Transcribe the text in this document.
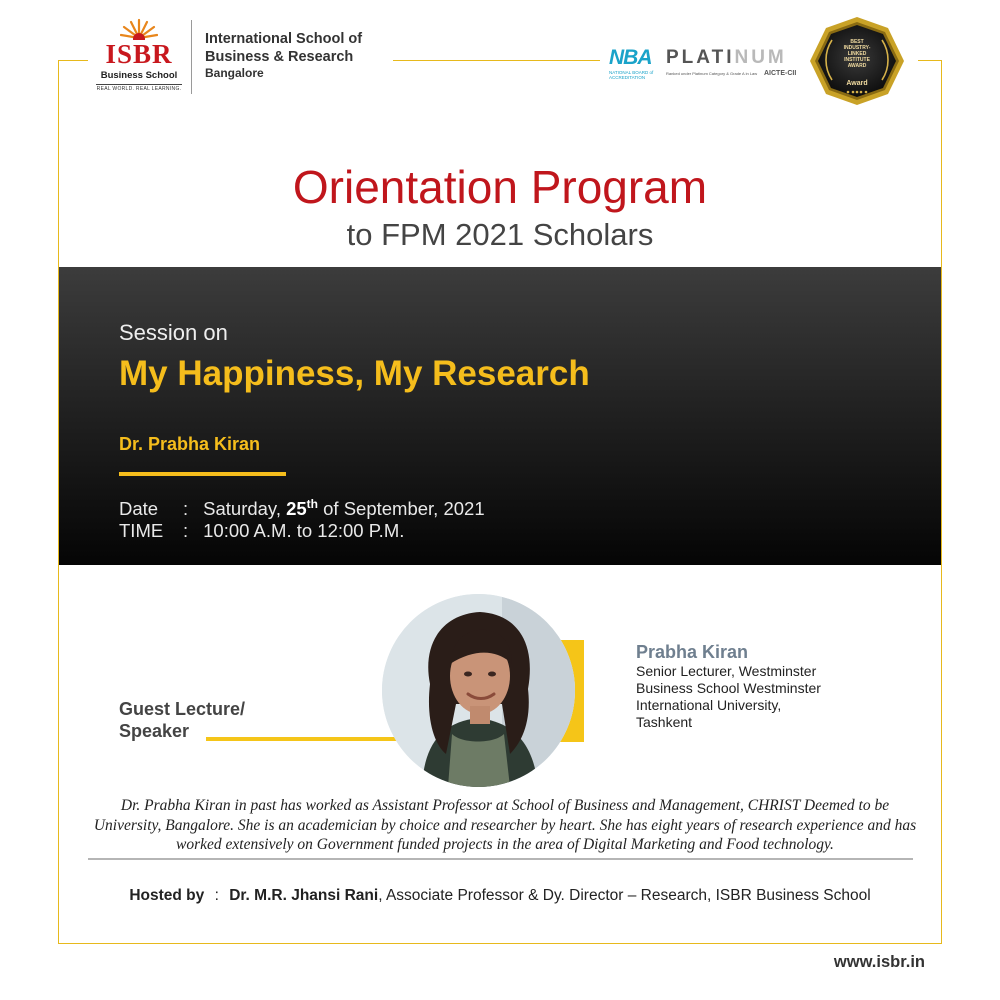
ISBR
Business School
REAL WORLD. REAL LEARNING.
International School of
Business & Research
Bangalore
NBA
NATIONAL BOARD of ACCREDITATION
PLATINUM
Ranked under Platinum Category & Grade A in Law AICTE-CII
BEST INDUSTRY-LINKED INSTITUTE AWARD
Award
Orientation Program
to FPM 2021 Scholars
Session on
My Happiness, My Research
Dr. Prabha Kiran
Date : Saturday, 25th of September, 2021
TIME : 10:00 A.M. to 12:00 P.M.
Guest Lecture/
Speaker
Prabha Kiran
Senior Lecturer, Westminster
Business School Westminster
International University,
Tashkent
Dr. Prabha Kiran in past has worked as Assistant Professor at School of Business and Management, CHRIST Deemed to be University, Bangalore. She is an academician by choice and researcher by heart. She has eight years of research experience and has worked extensively on Government funded projects in the area of Digital Marketing and Food technology.
Hosted by : Dr. M.R. Jhansi Rani, Associate Professor & Dy. Director – Research, ISBR Business School
www.isbr.in
